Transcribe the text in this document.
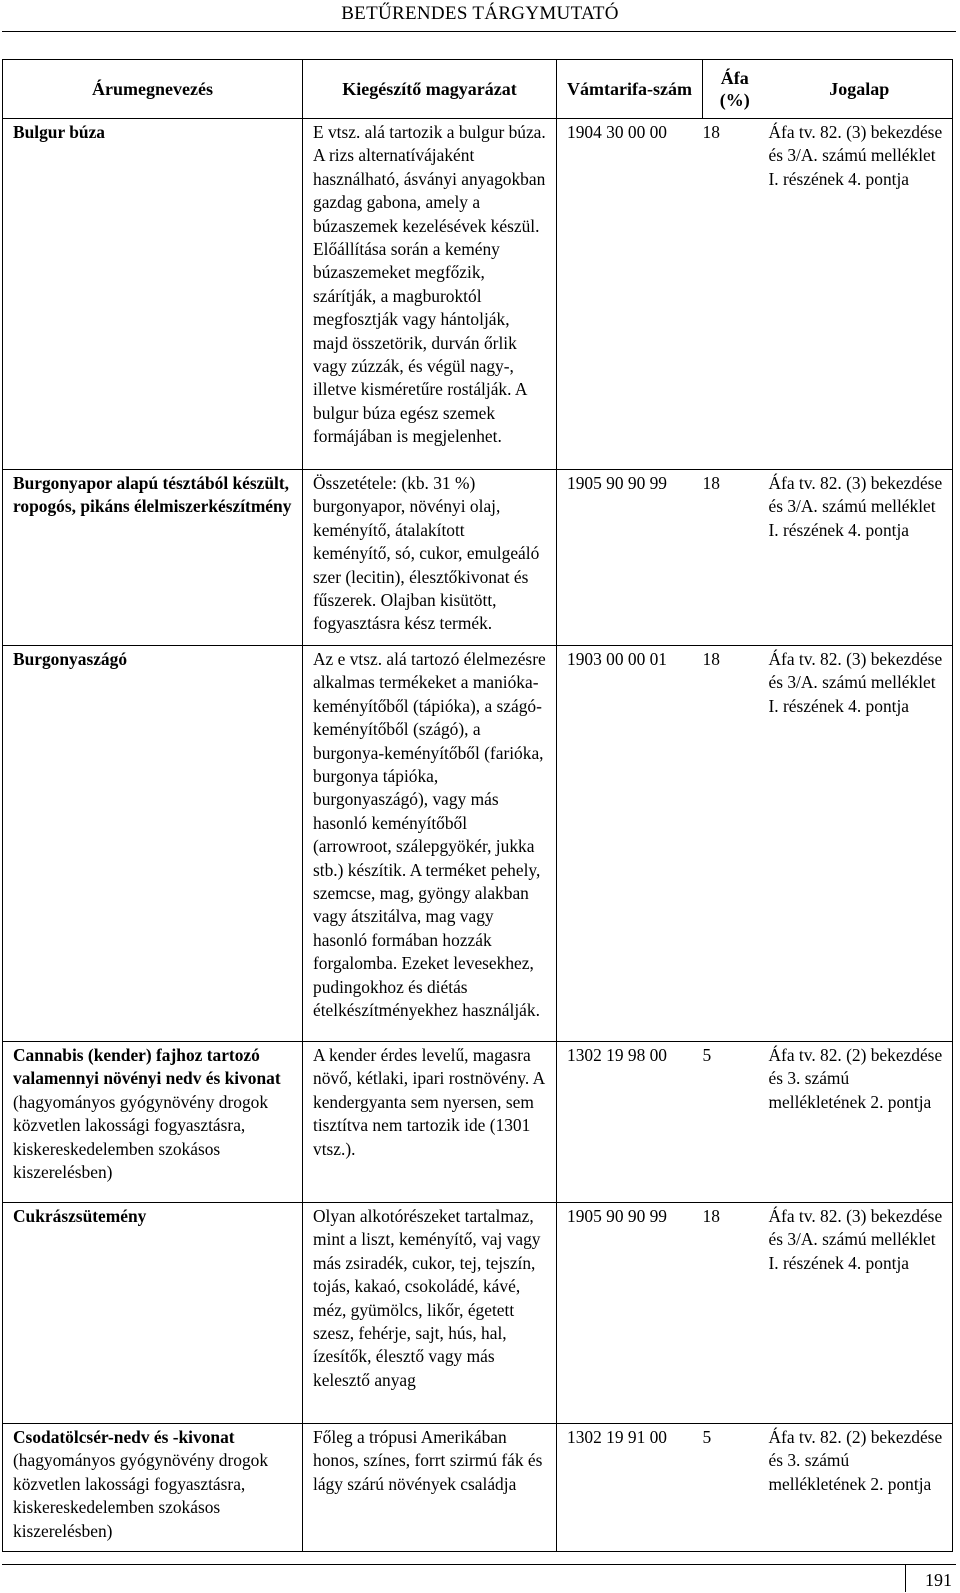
BETŰRENDES TÁRGYMUTATÓ
Árumegnevezés	Kiegészítő magyarázat	Vámtarifa-szám	Áfa (%)	Jogalap
Bulgur búza	E vtsz. alá tartozik a bulgur búza. A rizs alternatívájaként használható, ásványi anyagokban gazdag gabona, amely a búzaszemek kezelésévek készül. Előállítása során a kemény búzaszemeket megfőzik, szárítják, a magburoktól megfosztják vagy hántolják, majd összetörik, durván őrlik vagy zúzzák, és végül nagy-, illetve kisméretűre rostálják. A bulgur búza egész szemek formájában is megjelenhet.	1904 30 00 00	18	Áfa tv. 82. (3) bekezdése és 3/A. számú melléklet I. részének 4. pontja
Burgonyapor alapú tésztából készült, ropogós, pikáns élelmiszerkészítmény	Összetétele: (kb. 31 %) burgonyapor, növényi olaj, keményítő, átalakított keményítő, só, cukor, emulgeáló szer (lecitin), élesztőkivonat és fűszerek. Olajban kisütött, fogyasztásra kész termék.	1905 90 90 99	18	Áfa tv. 82. (3) bekezdése és 3/A. számú melléklet I. részének 4. pontja
Burgonyaszágó	Az e vtsz. alá tartozó élelmezésre alkalmas termékeket a manióka-keményítőből (tápióka), a szágó-keményítőből (szágó), a burgonya-keményítőből (farióka, burgonya tápióka, burgonyaszágó), vagy más hasonló keményítőből (arrowroot, szálepgyökér, jukka stb.) készítik. A terméket pehely, szemcse, mag, gyöngy alakban vagy átszitálva, mag vagy hasonló formában hozzák forgalomba. Ezeket levesekhez, pudingokhoz és diétás ételkészítményekhez használják.	1903 00 00 01	18	Áfa tv. 82. (3) bekezdése és 3/A. számú melléklet I. részének 4. pontja
Cannabis (kender) fajhoz tartozó valamennyi növényi nedv és kivonat (hagyományos gyógynövény drogok közvetlen lakossági fogyasztásra, kiskereskedelemben szokásos kiszerelésben)	A kender érdes levelű, magasra növő, kétlaki, ipari rostnövény. A kendergyanta sem nyersen, sem tisztítva nem tartozik ide (1301 vtsz.).	1302 19 98 00	5	Áfa tv. 82. (2) bekezdése és 3. számú mellékletének 2. pontja
Cukrászsütemény	Olyan alkotórészeket tartalmaz, mint a liszt, keményítő, vaj vagy más zsiradék, cukor, tej, tejszín, tojás, kakaó, csokoládé, kávé, méz, gyümölcs, likőr, égetett szesz, fehérje, sajt, hús, hal, ízesítők, élesztő vagy más kelesztő anyag	1905 90 90 99	18	Áfa tv. 82. (3) bekezdése és 3/A. számú melléklet I. részének 4. pontja
Csodatölcsér-nedv és -kivonat (hagyományos gyógynövény drogok közvetlen lakossági fogyasztásra, kiskereskedelemben szokásos kiszerelésben)	Főleg a trópusi Amerikában honos, színes, forrt szirmú fák és lágy szárú növények családja	1302 19 91 00	5	Áfa tv. 82. (2) bekezdése és 3. számú mellékletének 2. pontja
191
